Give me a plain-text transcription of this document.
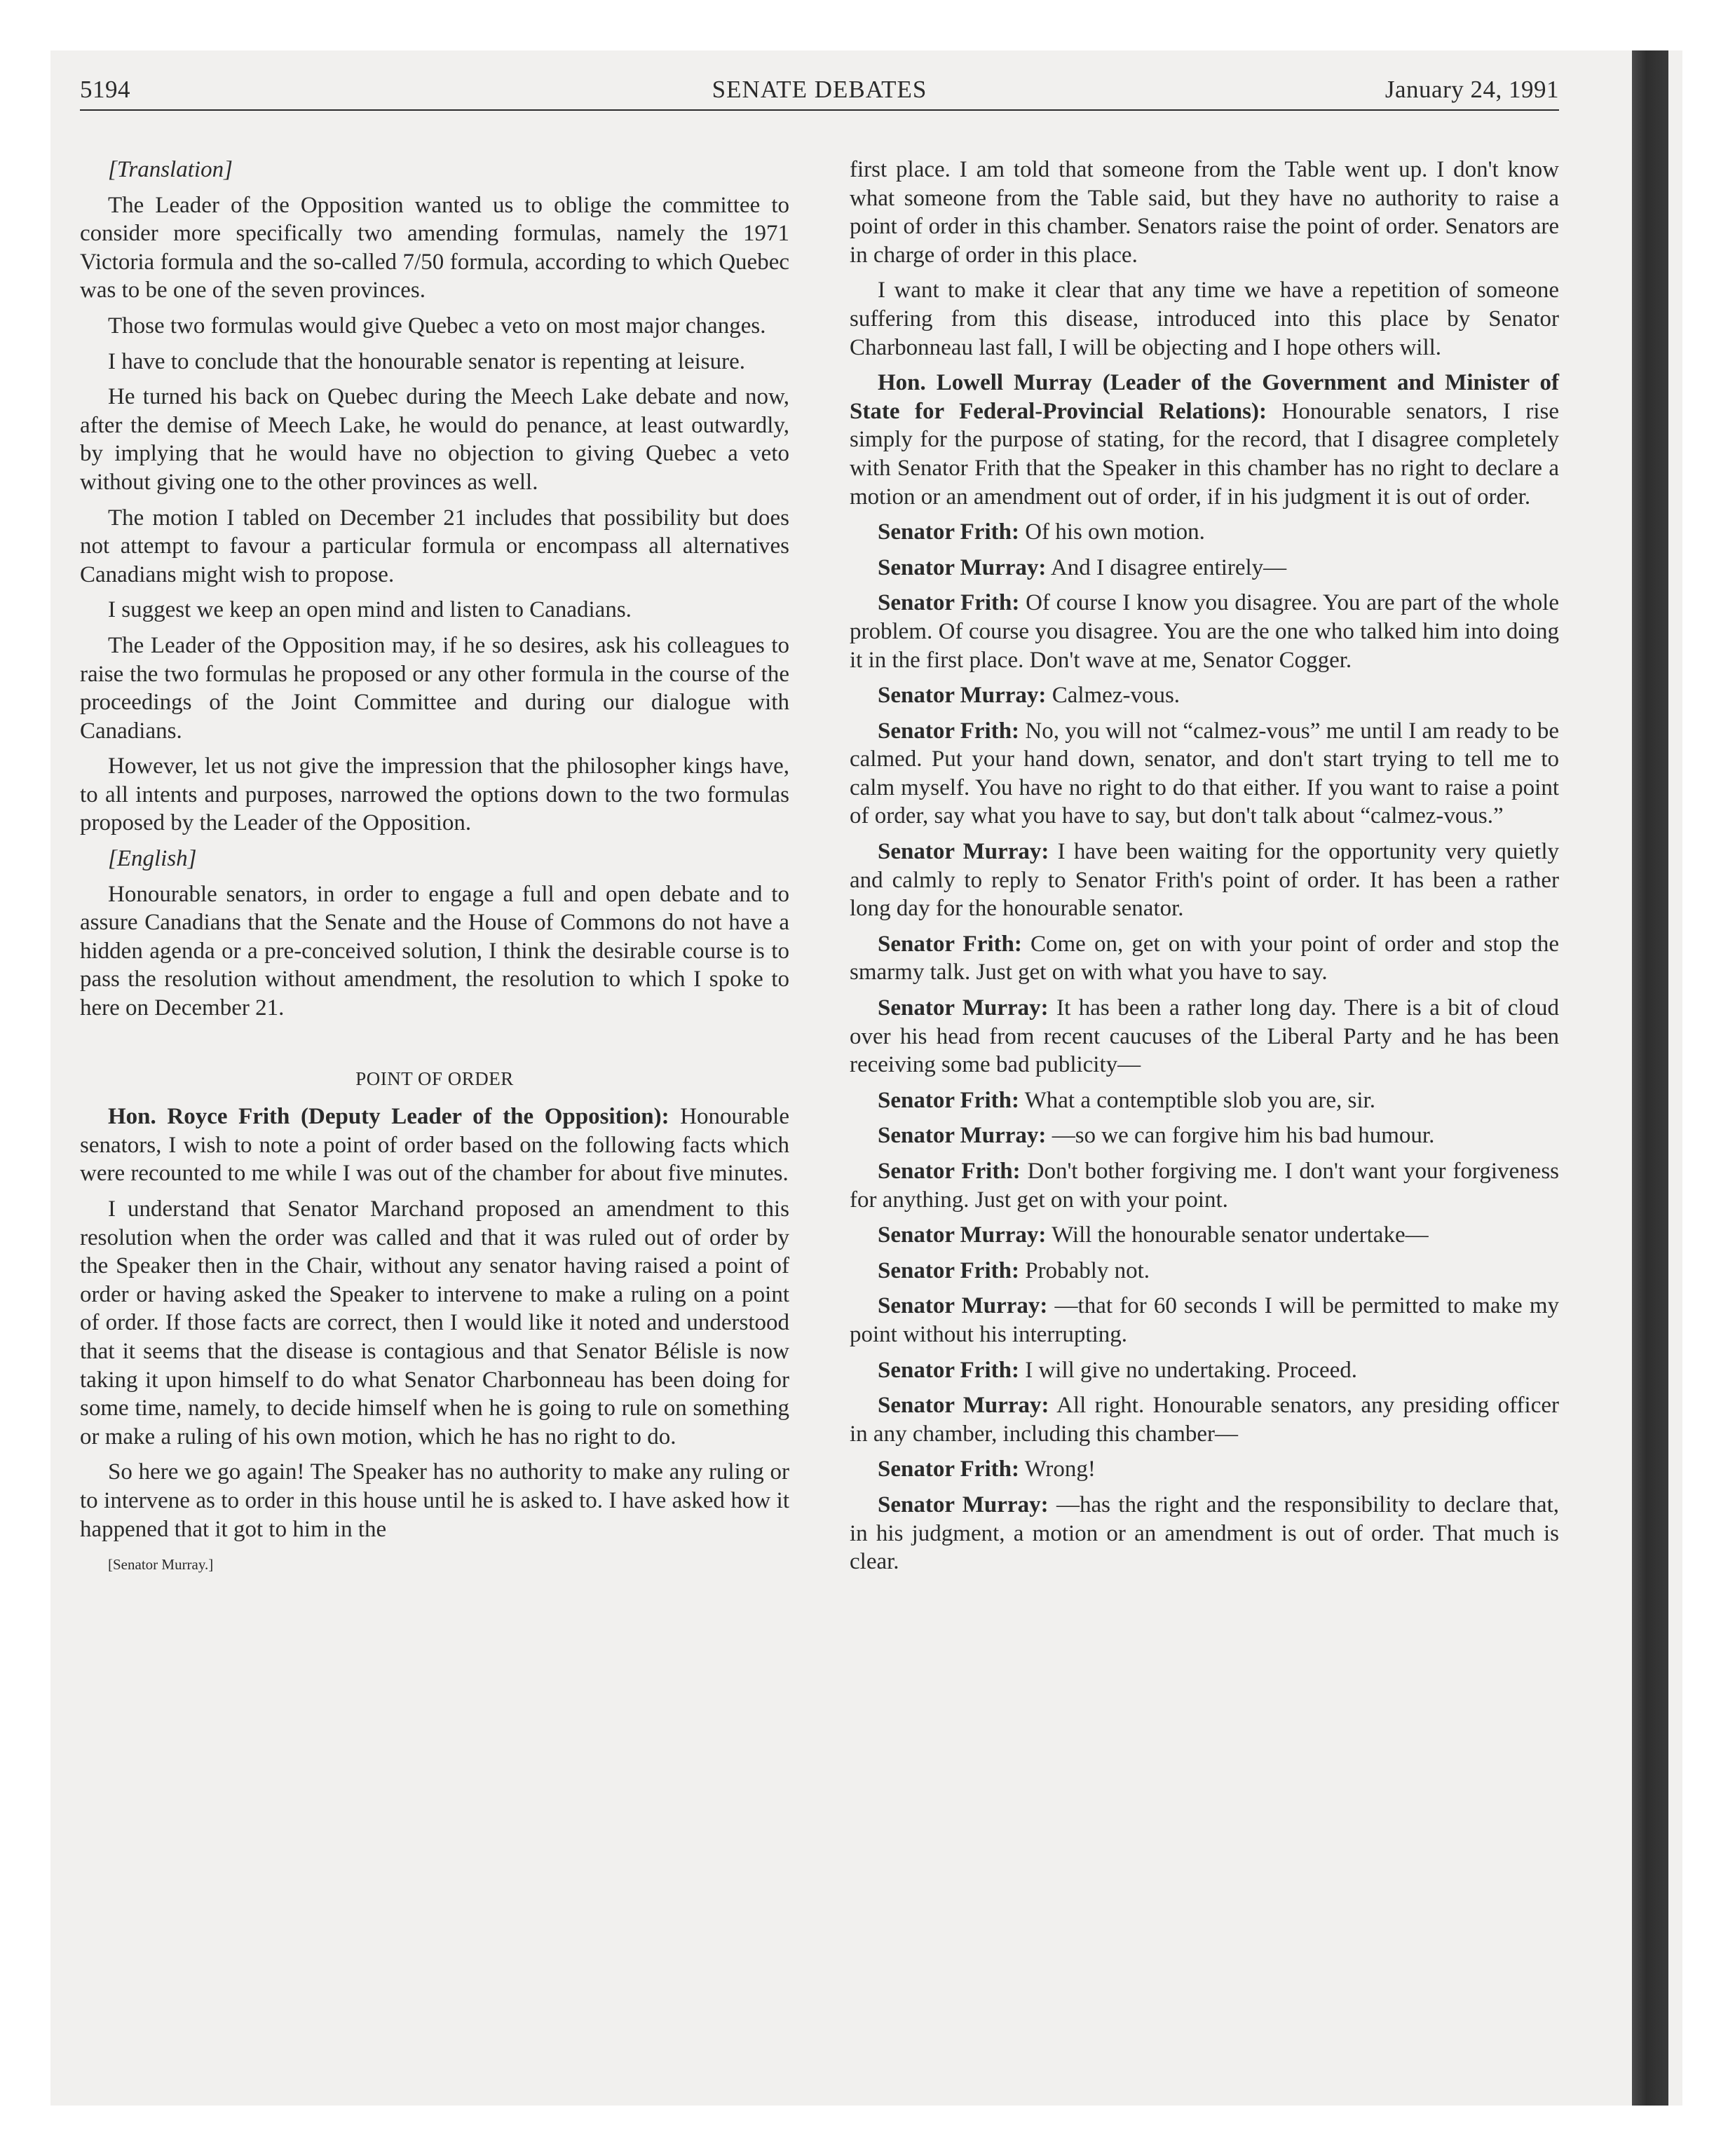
5194	SENATE DEBATES	January 24, 1991

[Translation]

The Leader of the Opposition wanted us to oblige the committee to consider more specifically two amending formulas, namely the 1971 Victoria formula and the so-called 7/50 formula, according to which Quebec was to be one of the seven provinces.

Those two formulas would give Quebec a veto on most major changes.

I have to conclude that the honourable senator is repenting at leisure.

He turned his back on Quebec during the Meech Lake debate and now, after the demise of Meech Lake, he would do penance, at least outwardly, by implying that he would have no objection to giving Quebec a veto without giving one to the other provinces as well.

The motion I tabled on December 21 includes that possibility but does not attempt to favour a particular formula or encompass all alternatives Canadians might wish to propose.

I suggest we keep an open mind and listen to Canadians.

The Leader of the Opposition may, if he so desires, ask his colleagues to raise the two formulas he proposed or any other formula in the course of the proceedings of the Joint Committee and during our dialogue with Canadians.

However, let us not give the impression that the philosopher kings have, to all intents and purposes, narrowed the options down to the two formulas proposed by the Leader of the Opposition.

[English]

Honourable senators, in order to engage a full and open debate and to assure Canadians that the Senate and the House of Commons do not have a hidden agenda or a pre-conceived solution, I think the desirable course is to pass the resolution without amendment, the resolution to which I spoke to here on December 21.

POINT OF ORDER

Hon. Royce Frith (Deputy Leader of the Opposition): Honourable senators, I wish to note a point of order based on the following facts which were recounted to me while I was out of the chamber for about five minutes.

I understand that Senator Marchand proposed an amendment to this resolution when the order was called and that it was ruled out of order by the Speaker then in the Chair, without any senator having raised a point of order or having asked the Speaker to intervene to make a ruling on a point of order. If those facts are correct, then I would like it noted and understood that it seems that the disease is contagious and that Senator Bélisle is now taking it upon himself to do what Senator Charbonneau has been doing for some time, namely, to decide himself when he is going to rule on something or make a ruling of his own motion, which he has no right to do.

So here we go again! The Speaker has no authority to make any ruling or to intervene as to order in this house until he is asked to. I have asked how it happened that it got to him in the

[Senator Murray.]

first place. I am told that someone from the Table went up. I don't know what someone from the Table said, but they have no authority to raise a point of order in this chamber. Senators raise the point of order. Senators are in charge of order in this place.

I want to make it clear that any time we have a repetition of someone suffering from this disease, introduced into this place by Senator Charbonneau last fall, I will be objecting and I hope others will.

Hon. Lowell Murray (Leader of the Government and Minister of State for Federal-Provincial Relations): Honourable senators, I rise simply for the purpose of stating, for the record, that I disagree completely with Senator Frith that the Speaker in this chamber has no right to declare a motion or an amendment out of order, if in his judgment it is out of order.

Senator Frith: Of his own motion.

Senator Murray: And I disagree entirely—

Senator Frith: Of course I know you disagree. You are part of the whole problem. Of course you disagree. You are the one who talked him into doing it in the first place. Don't wave at me, Senator Cogger.

Senator Murray: Calmez-vous.

Senator Frith: No, you will not “calmez-vous” me until I am ready to be calmed. Put your hand down, senator, and don't start trying to tell me to calm myself. You have no right to do that either. If you want to raise a point of order, say what you have to say, but don't talk about “calmez-vous.”

Senator Murray: I have been waiting for the opportunity very quietly and calmly to reply to Senator Frith's point of order. It has been a rather long day for the honourable senator.

Senator Frith: Come on, get on with your point of order and stop the smarmy talk. Just get on with what you have to say.

Senator Murray: It has been a rather long day. There is a bit of cloud over his head from recent caucuses of the Liberal Party and he has been receiving some bad publicity—

Senator Frith: What a contemptible slob you are, sir.

Senator Murray: —so we can forgive him his bad humour.

Senator Frith: Don't bother forgiving me. I don't want your forgiveness for anything. Just get on with your point.

Senator Murray: Will the honourable senator undertake—

Senator Frith: Probably not.

Senator Murray: —that for 60 seconds I will be permitted to make my point without his interrupting.

Senator Frith: I will give no undertaking. Proceed.

Senator Murray: All right. Honourable senators, any presiding officer in any chamber, including this chamber—

Senator Frith: Wrong!

Senator Murray: —has the right and the responsibility to declare that, in his judgment, a motion or an amendment is out of order. That much is clear.
